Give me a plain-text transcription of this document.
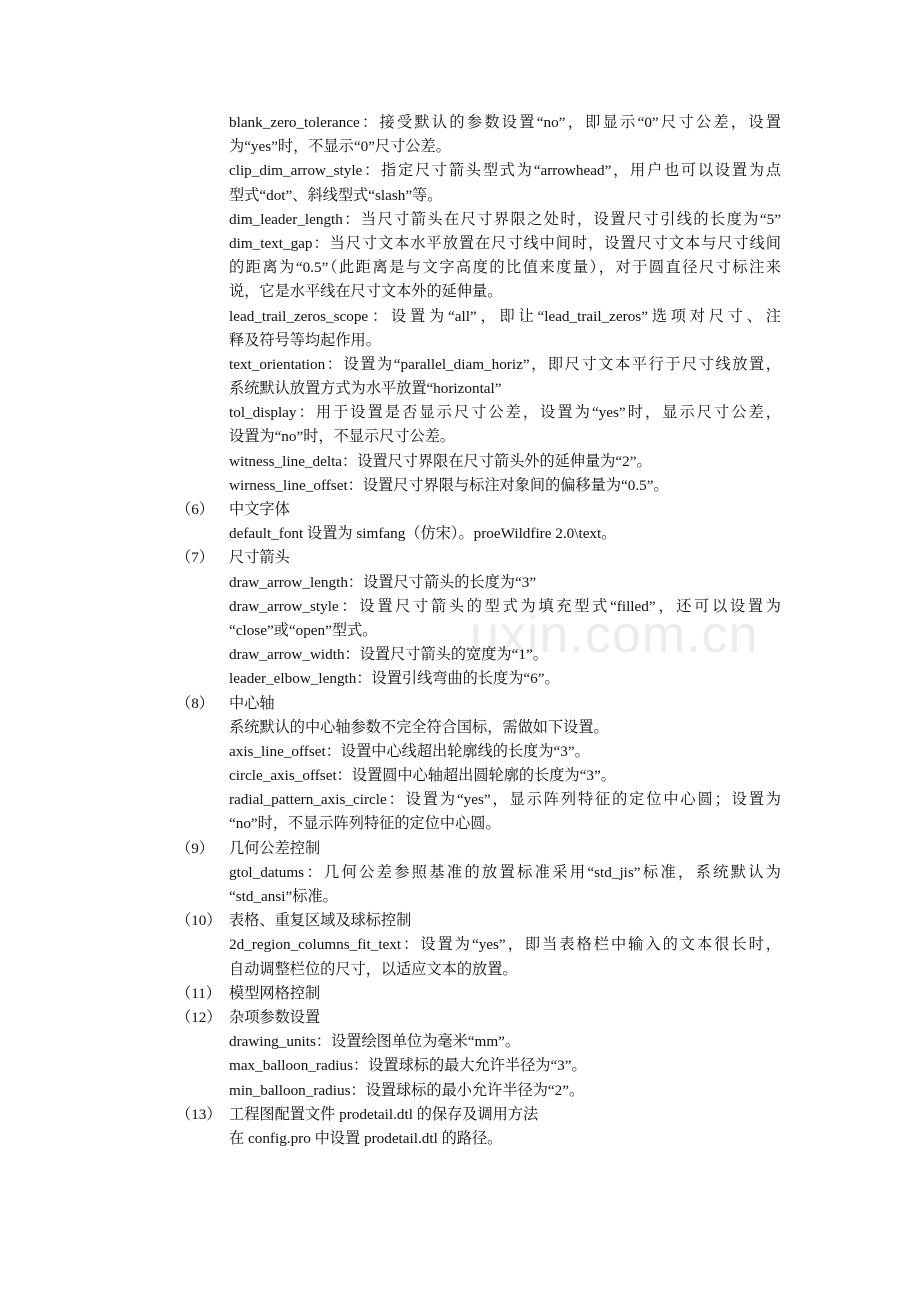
blank_zero_tolerance：接受默认的参数设置“no”，即显示“0”尺寸公差，设置
为“yes”时，不显示“0”尺寸公差。
clip_dim_arrow_style：指定尺寸箭头型式为“arrowhead”，用户也可以设置为点
型式“dot”、斜线型式“slash”等。
dim_leader_length：当尺寸箭头在尺寸界限之处时，设置尺寸引线的长度为“5”
dim_text_gap：当尺寸文本水平放置在尺寸线中间时，设置尺寸文本与尺寸线间
的距离为“0.5”（此距离是与文字高度的比值来度量），对于圆直径尺寸标注来
说，它是水平线在尺寸文本外的延伸量。
lead_trail_zeros_scope：设置为“all”，即让“lead_trail_zeros”选项对尺寸、注
释及符号等均起作用。
text_orientation：设置为“parallel_diam_horiz”，即尺寸文本平行于尺寸线放置，
系统默认放置方式为水平放置“horizontal”
tol_display：用于设置是否显示尺寸公差，设置为“yes”时，显示尺寸公差，
设置为“no”时，不显示尺寸公差。
witness_line_delta：设置尺寸界限在尺寸箭头外的延伸量为“2”。
wirness_line_offset：设置尺寸界限与标注对象间的偏移量为“0.5”。
（6） 中文字体
default_font 设置为 simfang（仿宋）。proeWildfire 2.0\text。
（7） 尺寸箭头
draw_arrow_length：设置尺寸箭头的长度为“3”
draw_arrow_style：设置尺寸箭头的型式为填充型式“filled”，还可以设置为
“close”或“open”型式。
draw_arrow_width：设置尺寸箭头的宽度为“1”。
leader_elbow_length：设置引线弯曲的长度为“6”。
（8） 中心轴
系统默认的中心轴参数不完全符合国标，需做如下设置。
axis_line_offset：设置中心线超出轮廓线的长度为“3”。
circle_axis_offset：设置圆中心轴超出圆轮廓的长度为“3”。
radial_pattern_axis_circle：设置为“yes”，显示阵列特征的定位中心圆；设置为
“no”时，不显示阵列特征的定位中心圆。
（9） 几何公差控制
gtol_datums：几何公差参照基准的放置标准采用“std_jis”标准，系统默认为
“std_ansi”标准。
（10） 表格、重复区域及球标控制
2d_region_columns_fit_text：设置为“yes”，即当表格栏中输入的文本很长时，
自动调整栏位的尺寸，以适应文本的放置。
（11） 模型网格控制
（12） 杂项参数设置
drawing_units：设置绘图单位为毫米“mm”。
max_balloon_radius：设置球标的最大允许半径为“3”。
min_balloon_radius：设置球标的最小允许半径为“2”。
（13） 工程图配置文件 prodetail.dtl 的保存及调用方法
在 config.pro 中设置 prodetail.dtl 的路径。
uxin.com.cn
